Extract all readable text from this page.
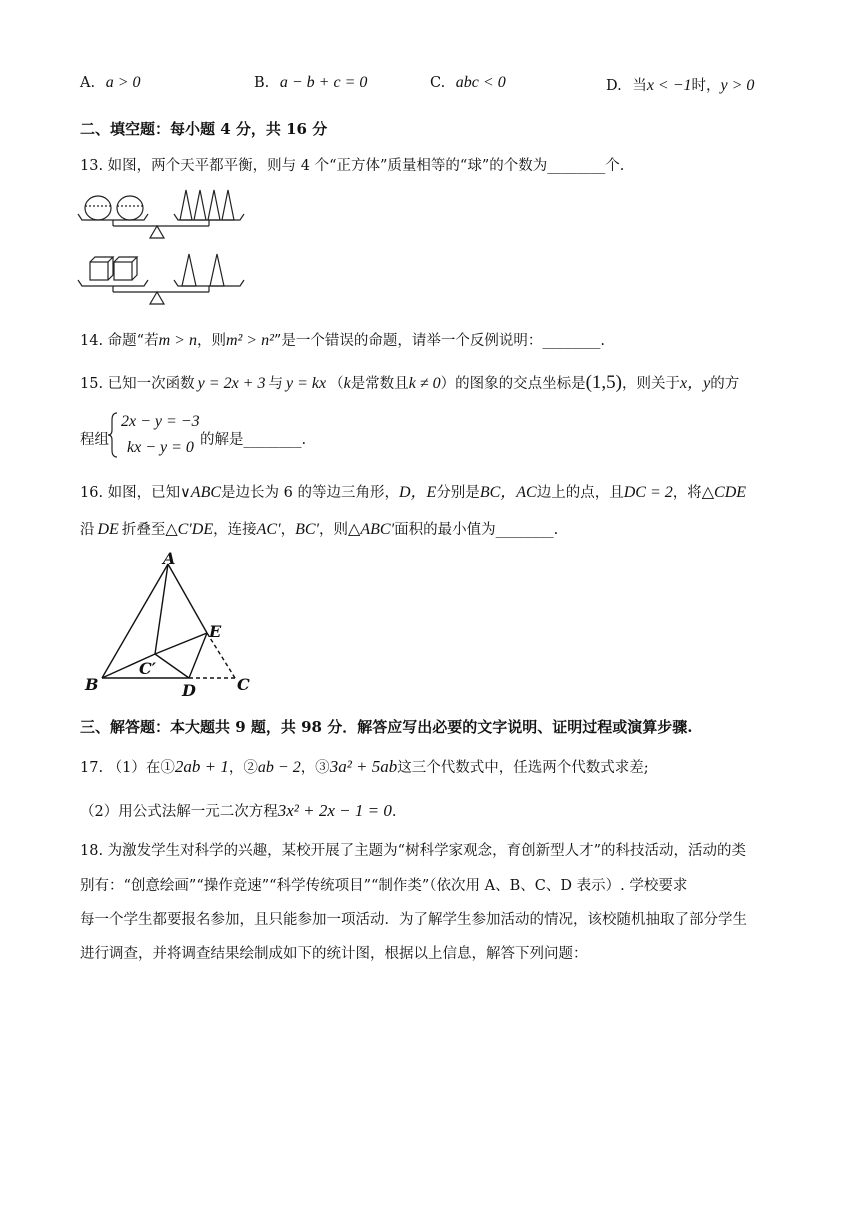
A. a > 0	B. a − b + c = 0	C. abc < 0	D. 当x < −1时，y > 0
二、填空题：每小题 4 分，共 16 分
13. 如图，两个天平都平衡，则与 4 个“正方体”质量相等的“球”的个数为________个.
14. 命题“若m > n，则m² > n²”是一个错误的命题，请举一个反例说明：________.
15. 已知一次函数 y = 2x + 3 与 y = kx （k是常数且k ≠ 0）的图象的交点坐标是(1,5)，则关于x，y的方
程组
2x − y = −3
kx − y = 0 的解是________.
16. 如图，已知∨ABC是边长为 6 的等边三角形，D，E分别是BC，AC边上的点，且DC = 2，将△CDE
沿 DE 折叠至△C′DE，连接AC′，BC′，则△ABC′面积的最小值为________.
A
B	C
D
E
C′
三、解答题：本大题共 9 题，共 98 分．解答应写出必要的文字说明、证明过程或演算步骤.
17. （1）在①2ab + 1，②ab − 2，③3a² + 5ab这三个代数式中，任选两个代数式求差;
（2）用公式法解一元二次方程3x² + 2x − 1 = 0.
18. 为激发学生对科学的兴趣，某校开展了主题为“树科学家观念，育创新型人才”的科技活动，活动的类
别有：“创意绘画”“操作竞速”“科学传统项目”“制作类”（依次用 A、B、C、D 表示）. 学校要求
每一个学生都要报名参加，且只能参加一项活动．为了解学生参加活动的情况，该校随机抽取了部分学生
进行调查，并将调查结果绘制成如下的统计图，根据以上信息，解答下列问题：
